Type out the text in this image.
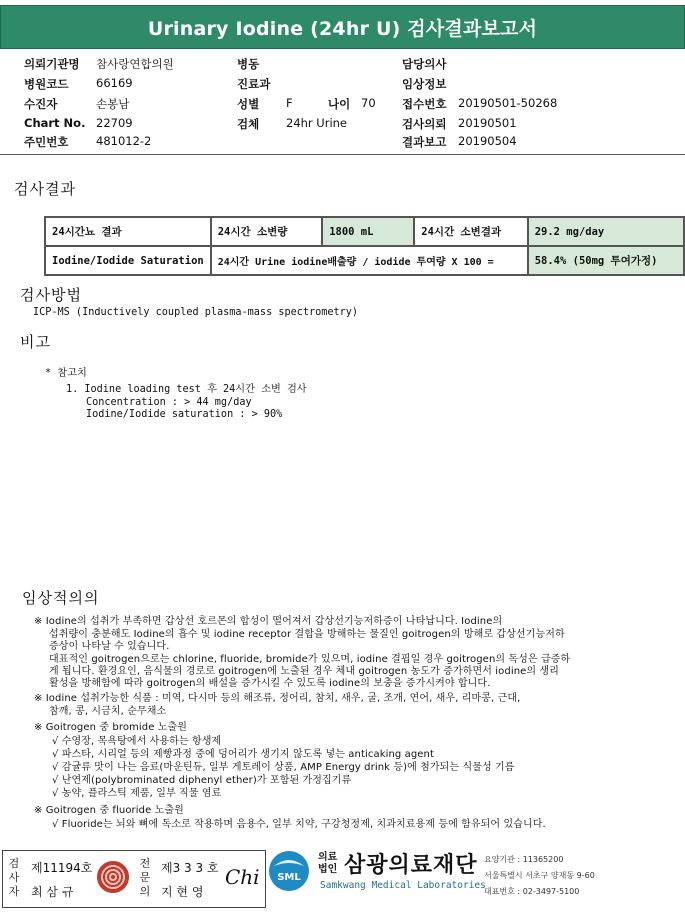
Urinary Iodine (24hr U) 검사결과보고서
의뢰기관명 참사랑연합의원
병원코드 66169
수진자	손봉남
Chart No. 22709
주민번호 481012-2
병동
진료과
성별 F	나이 70
검체 24hr Urine
담당의사
임상정보
접수번호 20190501-50268
검사의뢰 20190501
결과보고 20190504
검사결과
24시간뇨 결과	24시간 소변량	1800 mL	24시간 소변결과	29.2 mg/day
Iodine/Iodide Saturation	24시간 Urine iodine배출량 / iodide 투여량 X 100 =			58.4% (50mg 투여가정)
검사방법
ICP-MS (Inductively coupled plasma-mass spectrometry)
비고
* 참고치
1. Iodine loading test 후 24시간 소변 검사
Concentration : > 44 mg/day
Iodine/Iodide saturation : > 90%
임상적의의
※ Iodine의 섭취가 부족하면 갑상선 호르몬의 합성이 떨어져서 갑상선기능저하증이 나타납니다. Iodine의
섭취량이 충분해도 Iodine의 흡수 및 iodine receptor 결합을 방해하는 물질인 goitrogen의 방해로 갑상선기능저하
증상이 나타날 수 있습니다.
대표적인 goitrogen으로는 chlorine, fluoride, bromide가 있으며, iodine 결핍일 경우 goitrogen의 독성은 급증하
게 됩니다. 환경요인, 음식물의 경로로 goitrogen에 노출된 경우 체내 goitrogen 농도가 증가하면서 iodine의 생리
활성을 방해함에 따라 goitrogen의 배설을 증가시킬 수 있도록 iodine의 보충을 증가시켜야 합니다.
※ Iodine 섭취가능한 식품 : 미역, 다시마 등의 해조류, 정어리, 참치, 새우, 굴, 조개, 연어, 새우, 리마콩, 근대,
참깨, 콩, 시금치, 순무채소
※ Goitrogen 중 bromide 노출원
√ 수영장, 목욕탕에서 사용하는 항생제
√ 파스타, 시리얼 등의 제빵과정 중에 덩어리가 생기지 않도록 넣는 anticaking agent
√ 감귤류 맛이 나는 음료(마운틴듀, 일부 게토레이 상품, AMP Energy drink 등)에 첨가되는 식물성 기름
√ 난연제(polybrominated diphenyl ether)가 포함된 가정집기류
√ 농약, 플라스틱 제품, 일부 직물 염료
※ Goitrogen 중 fluoride 노출원
√ Fluoride는 뇌와 뼈에 독소로 작용하며 음용수, 일부 치약, 구강청정제, 치과치료용제 등에 함유되어 있습니다.
검사자
제11194호
최 삼 규
전문의
제3 3 3 호
지 현 영
Chi SML
의료법인 삼광의료재단
Samkwang Medical Laboratories
요양기관 : 11365200
서울특별시 서초구 양재동 9-60
대표번호 : 02-3497-5100
